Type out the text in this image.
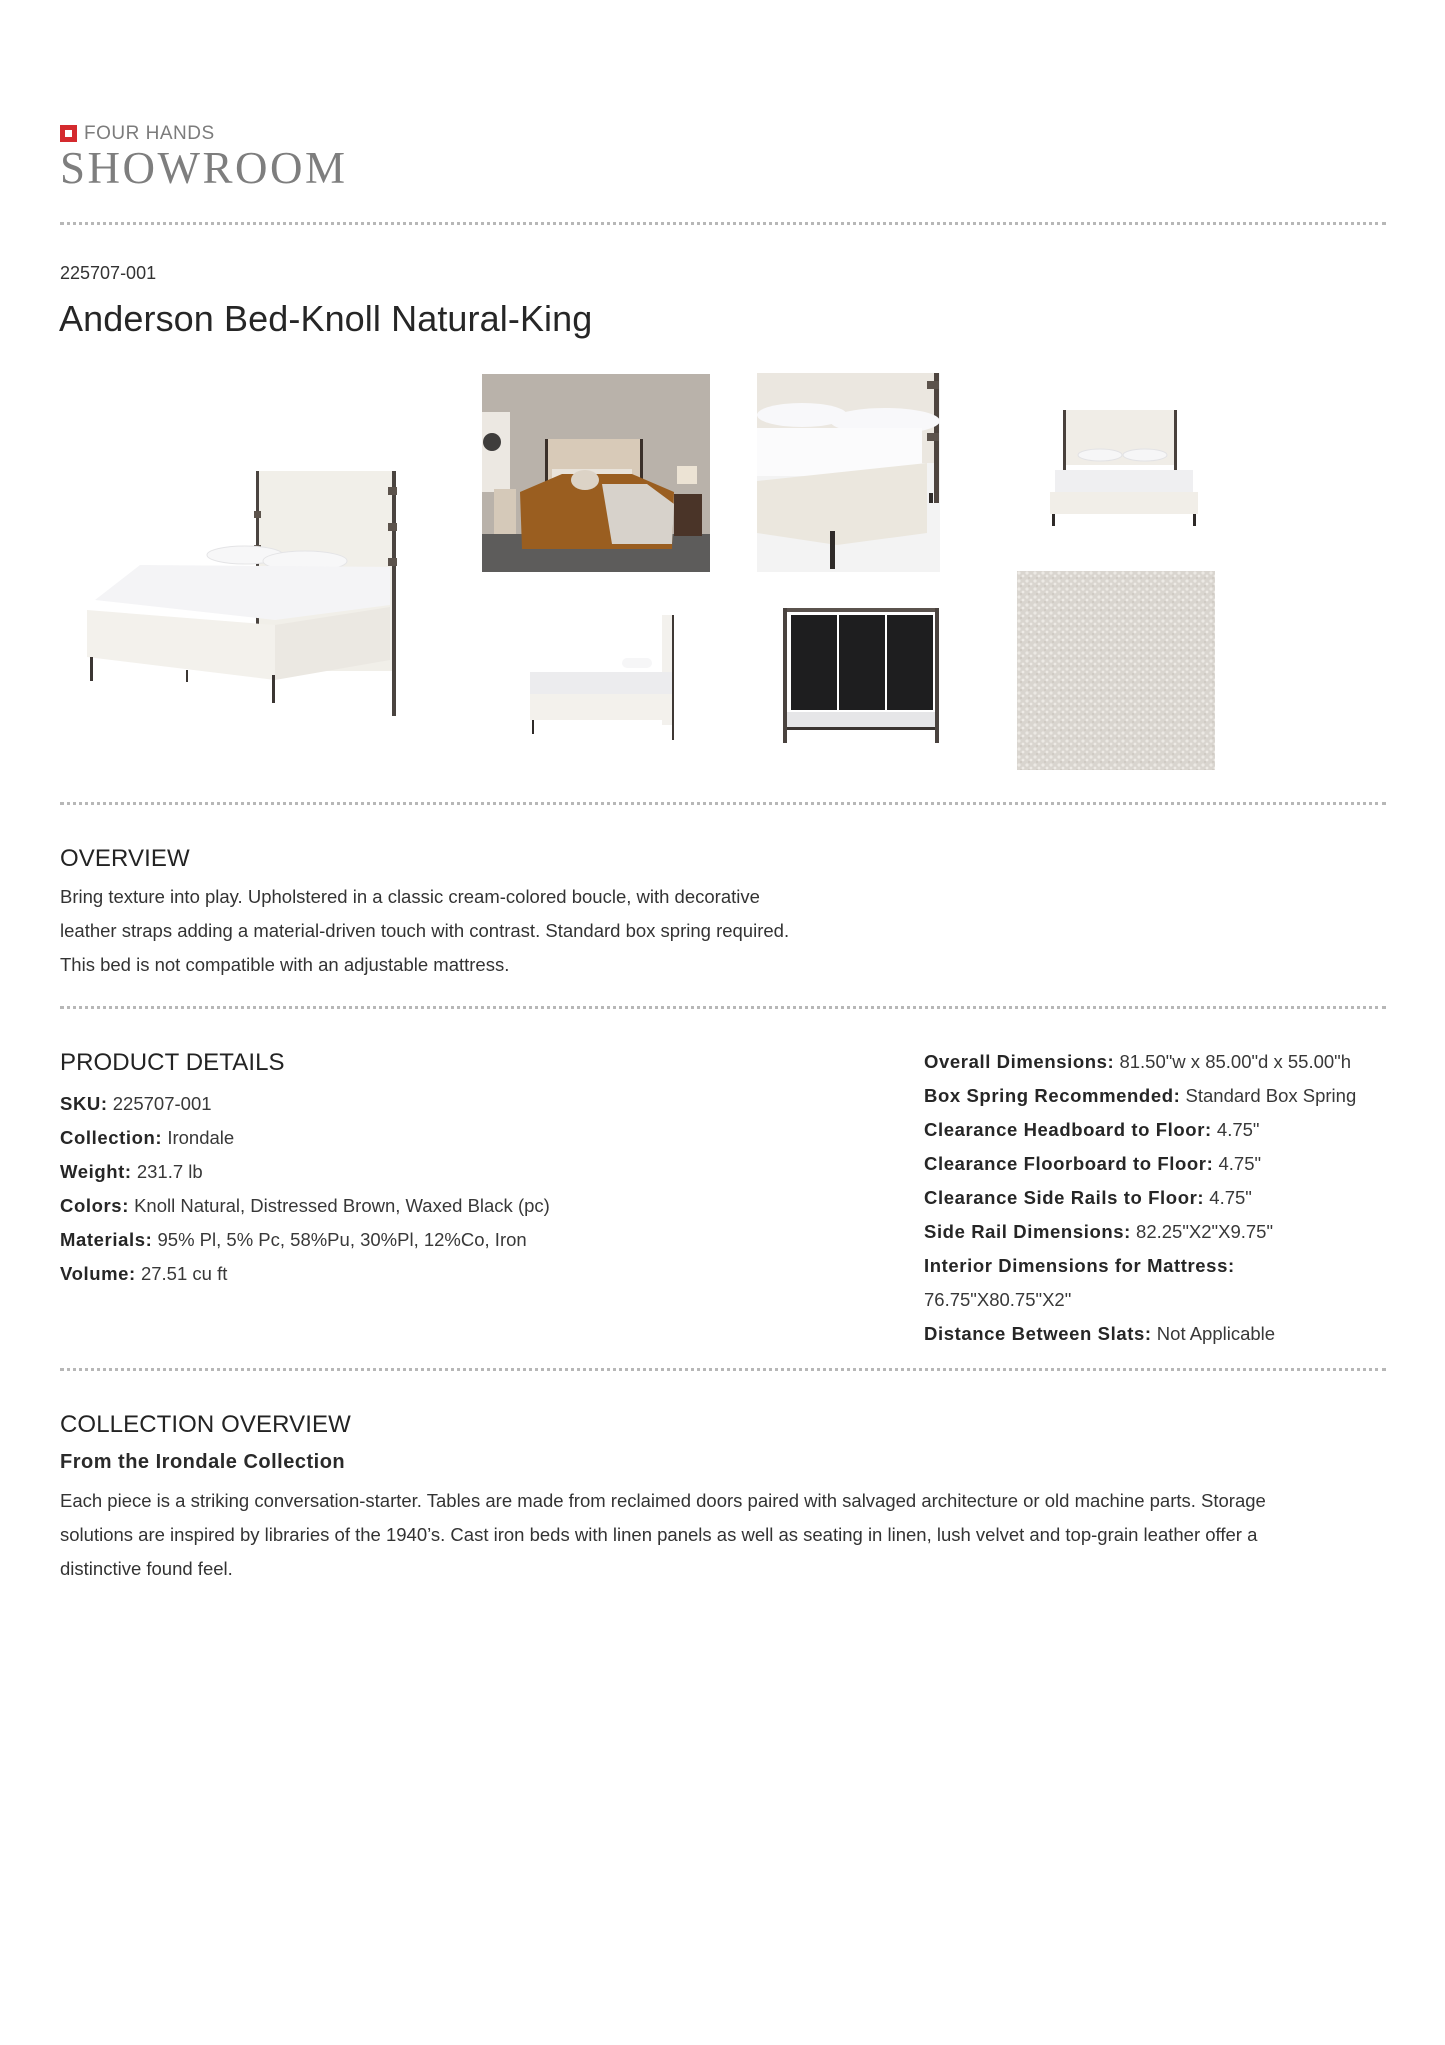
FOUR HANDS
SHOWROOM
225707-001
Anderson Bed-Knoll Natural-King
OVERVIEW
Bring texture into play. Upholstered in a classic cream-colored boucle, with decorative
leather straps adding a material-driven touch with contrast. Standard box spring required.
This bed is not compatible with an adjustable mattress.
PRODUCT DETAILS
SKU: 225707-001
Collection: Irondale
Weight: 231.7 lb
Colors: Knoll Natural, Distressed Brown, Waxed Black (pc)
Materials: 95% Pl, 5% Pc, 58%Pu, 30%Pl, 12%Co, Iron
Volume: 27.51 cu ft
Overall Dimensions: 81.50"w x 85.00"d x 55.00"h
Box Spring Recommended: Standard Box Spring
Clearance Headboard to Floor: 4.75"
Clearance Floorboard to Floor: 4.75"
Clearance Side Rails to Floor: 4.75"
Side Rail Dimensions: 82.25"X2"X9.75"
Interior Dimensions for Mattress:
76.75"X80.75"X2"
Distance Between Slats: Not Applicable
COLLECTION OVERVIEW
From the Irondale Collection
Each piece is a striking conversation-starter. Tables are made from reclaimed doors paired with salvaged architecture or old machine parts. Storage
solutions are inspired by libraries of the 1940’s. Cast iron beds with linen panels as well as seating in linen, lush velvet and top-grain leather offer a
distinctive found feel.
